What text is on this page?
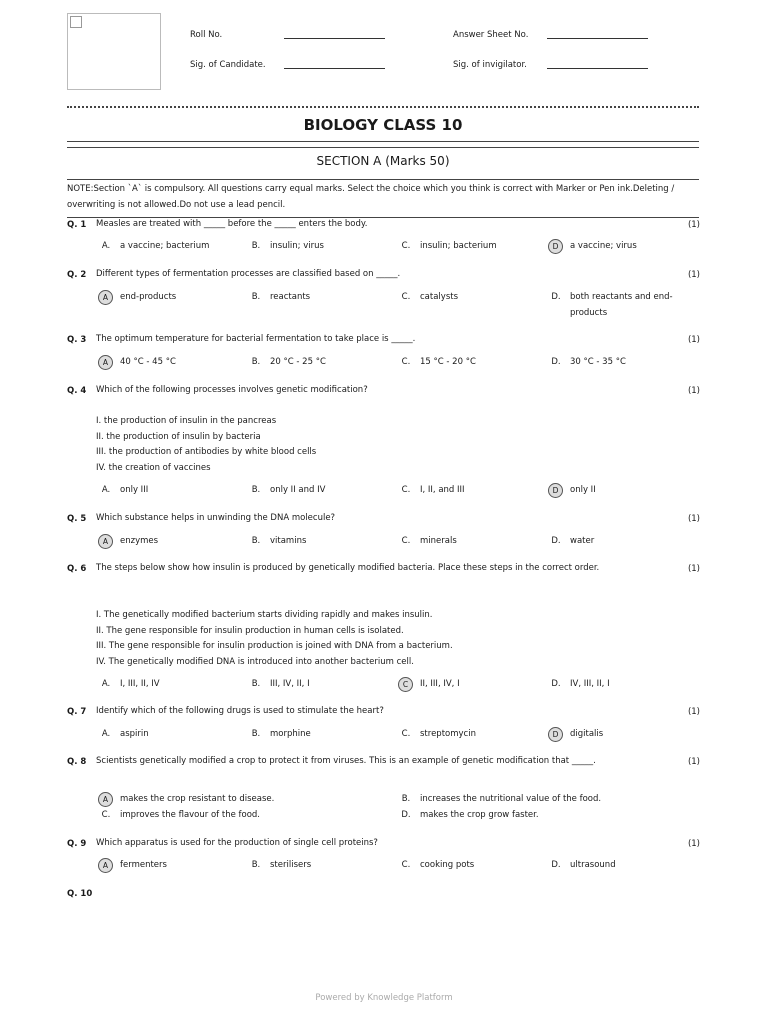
Roll No.	Answer Sheet No.
Sig. of Candidate.	Sig. of invigilator.
BIOLOGY CLASS 10
SECTION A (Marks 50)
NOTE:Section `A` is compulsory. All questions carry equal marks. Select the choice which you think is correct with Marker or Pen ink.Deleting / overwriting is not allowed.Do not use a lead pencil.
Q. 1 Measles are treated with _____ before the _____ enters the body.	(1)
A.	a vaccine; bacterium	B.	insulin; virus	C.	insulin; bacterium	D	a vaccine; virus
Q. 2 Different types of fermentation processes are classified based on _____.	(1)
A	end-products	B.	reactants	C.	catalysts	D.	both reactants and end-products
Q. 3 The optimum temperature for bacterial fermentation to take place is _____.	(1)
A	40 °C - 45 °C	B.	20 °C - 25 °C	C.	15 °C - 20 °C	D.	30 °C - 35 °C
Q. 4 Which of the following processes involves genetic modification?	(1)
I. the production of insulin in the pancreas
II. the production of insulin by bacteria
III. the production of antibodies by white blood cells
IV. the creation of vaccines
A.	only III	B.	only II and IV	C.	I, II, and III	D	only II
Q. 5 Which substance helps in unwinding the DNA molecule?	(1)
A	enzymes	B.	vitamins	C.	minerals	D.	water
Q. 6 The steps below show how insulin is produced by genetically modified bacteria. Place these steps in the correct order.	(1)
I. The genetically modified bacterium starts dividing rapidly and makes insulin.
II. The gene responsible for insulin production in human cells is isolated.
III. The gene responsible for insulin production is joined with DNA from a bacterium.
IV. The genetically modified DNA is introduced into another bacterium cell.
A.	I, III, II, IV	B.	III, IV, II, I	C	II, III, IV, I	D.	IV, III, II, I
Q. 7 Identify which of the following drugs is used to stimulate the heart?	(1)
A.	aspirin	B.	morphine	C.	streptomycin	D	digitalis
Q. 8 Scientists genetically modified a crop to protect it from viruses. This is an example of genetic modification that _____.	(1)
A	makes the crop resistant to disease.	B.	increases the nutritional value of the food.
C.	improves the flavour of the food.	D.	makes the crop grow faster.
Q. 9 Which apparatus is used for the production of single cell proteins?	(1)
A	fermenters	B.	sterilisers	C.	cooking pots	D.	ultrasound
Q. 10
Powered by Knowledge Platform
